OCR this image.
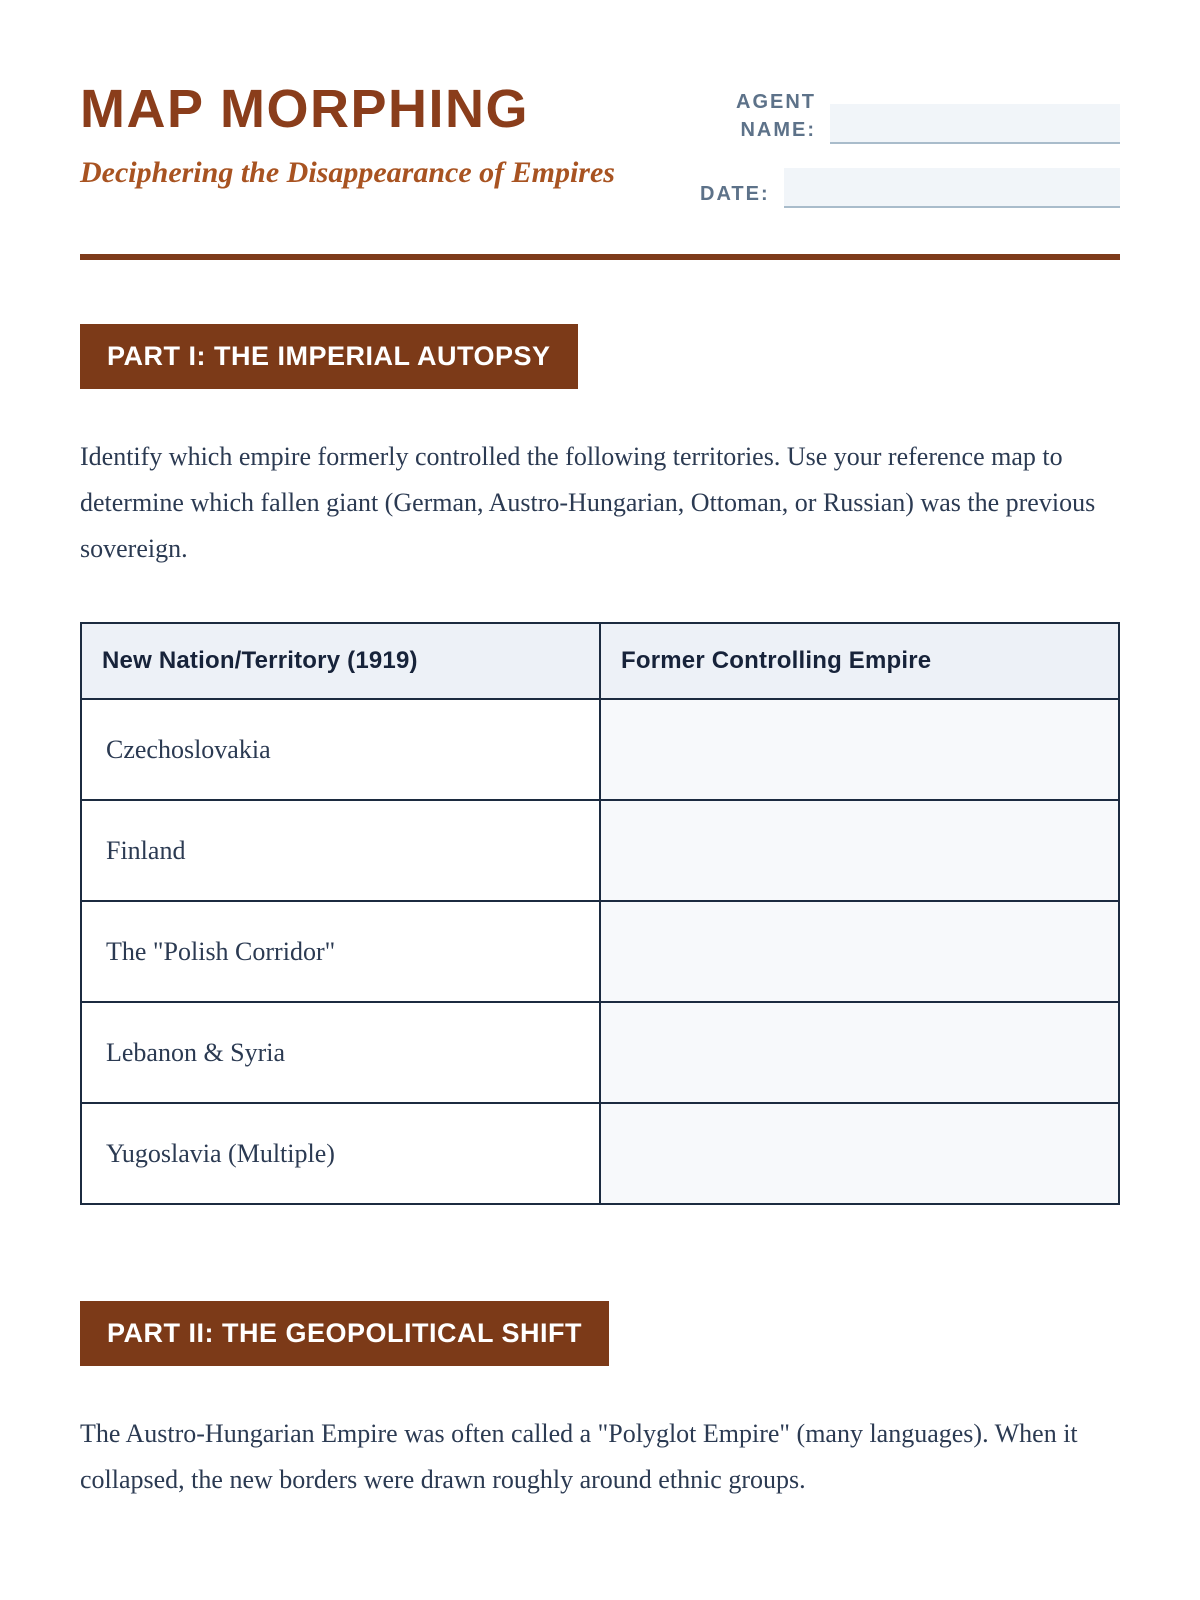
MAP MORPHING

Deciphering the Disappearance of Empires

AGENT NAME:
DATE:
PART I: THE IMPERIAL AUTOPSY

Identify which empire formerly controlled the following territories. Use your reference map to determine which fallen giant (German, Austro-Hungarian, Ottoman, or Russian) was the previous sovereign.

New Nation/Territory (1919)	Former Controlling Empire
Czechoslovakia	
Finland	
The "Polish Corridor"	
Lebanon & Syria	
Yugoslavia (Multiple)	
PART II: THE GEOPOLITICAL SHIFT

The Austro-Hungarian Empire was often called a "Polyglot Empire" (many languages). When it collapsed, the new borders were drawn roughly around ethnic groups.
